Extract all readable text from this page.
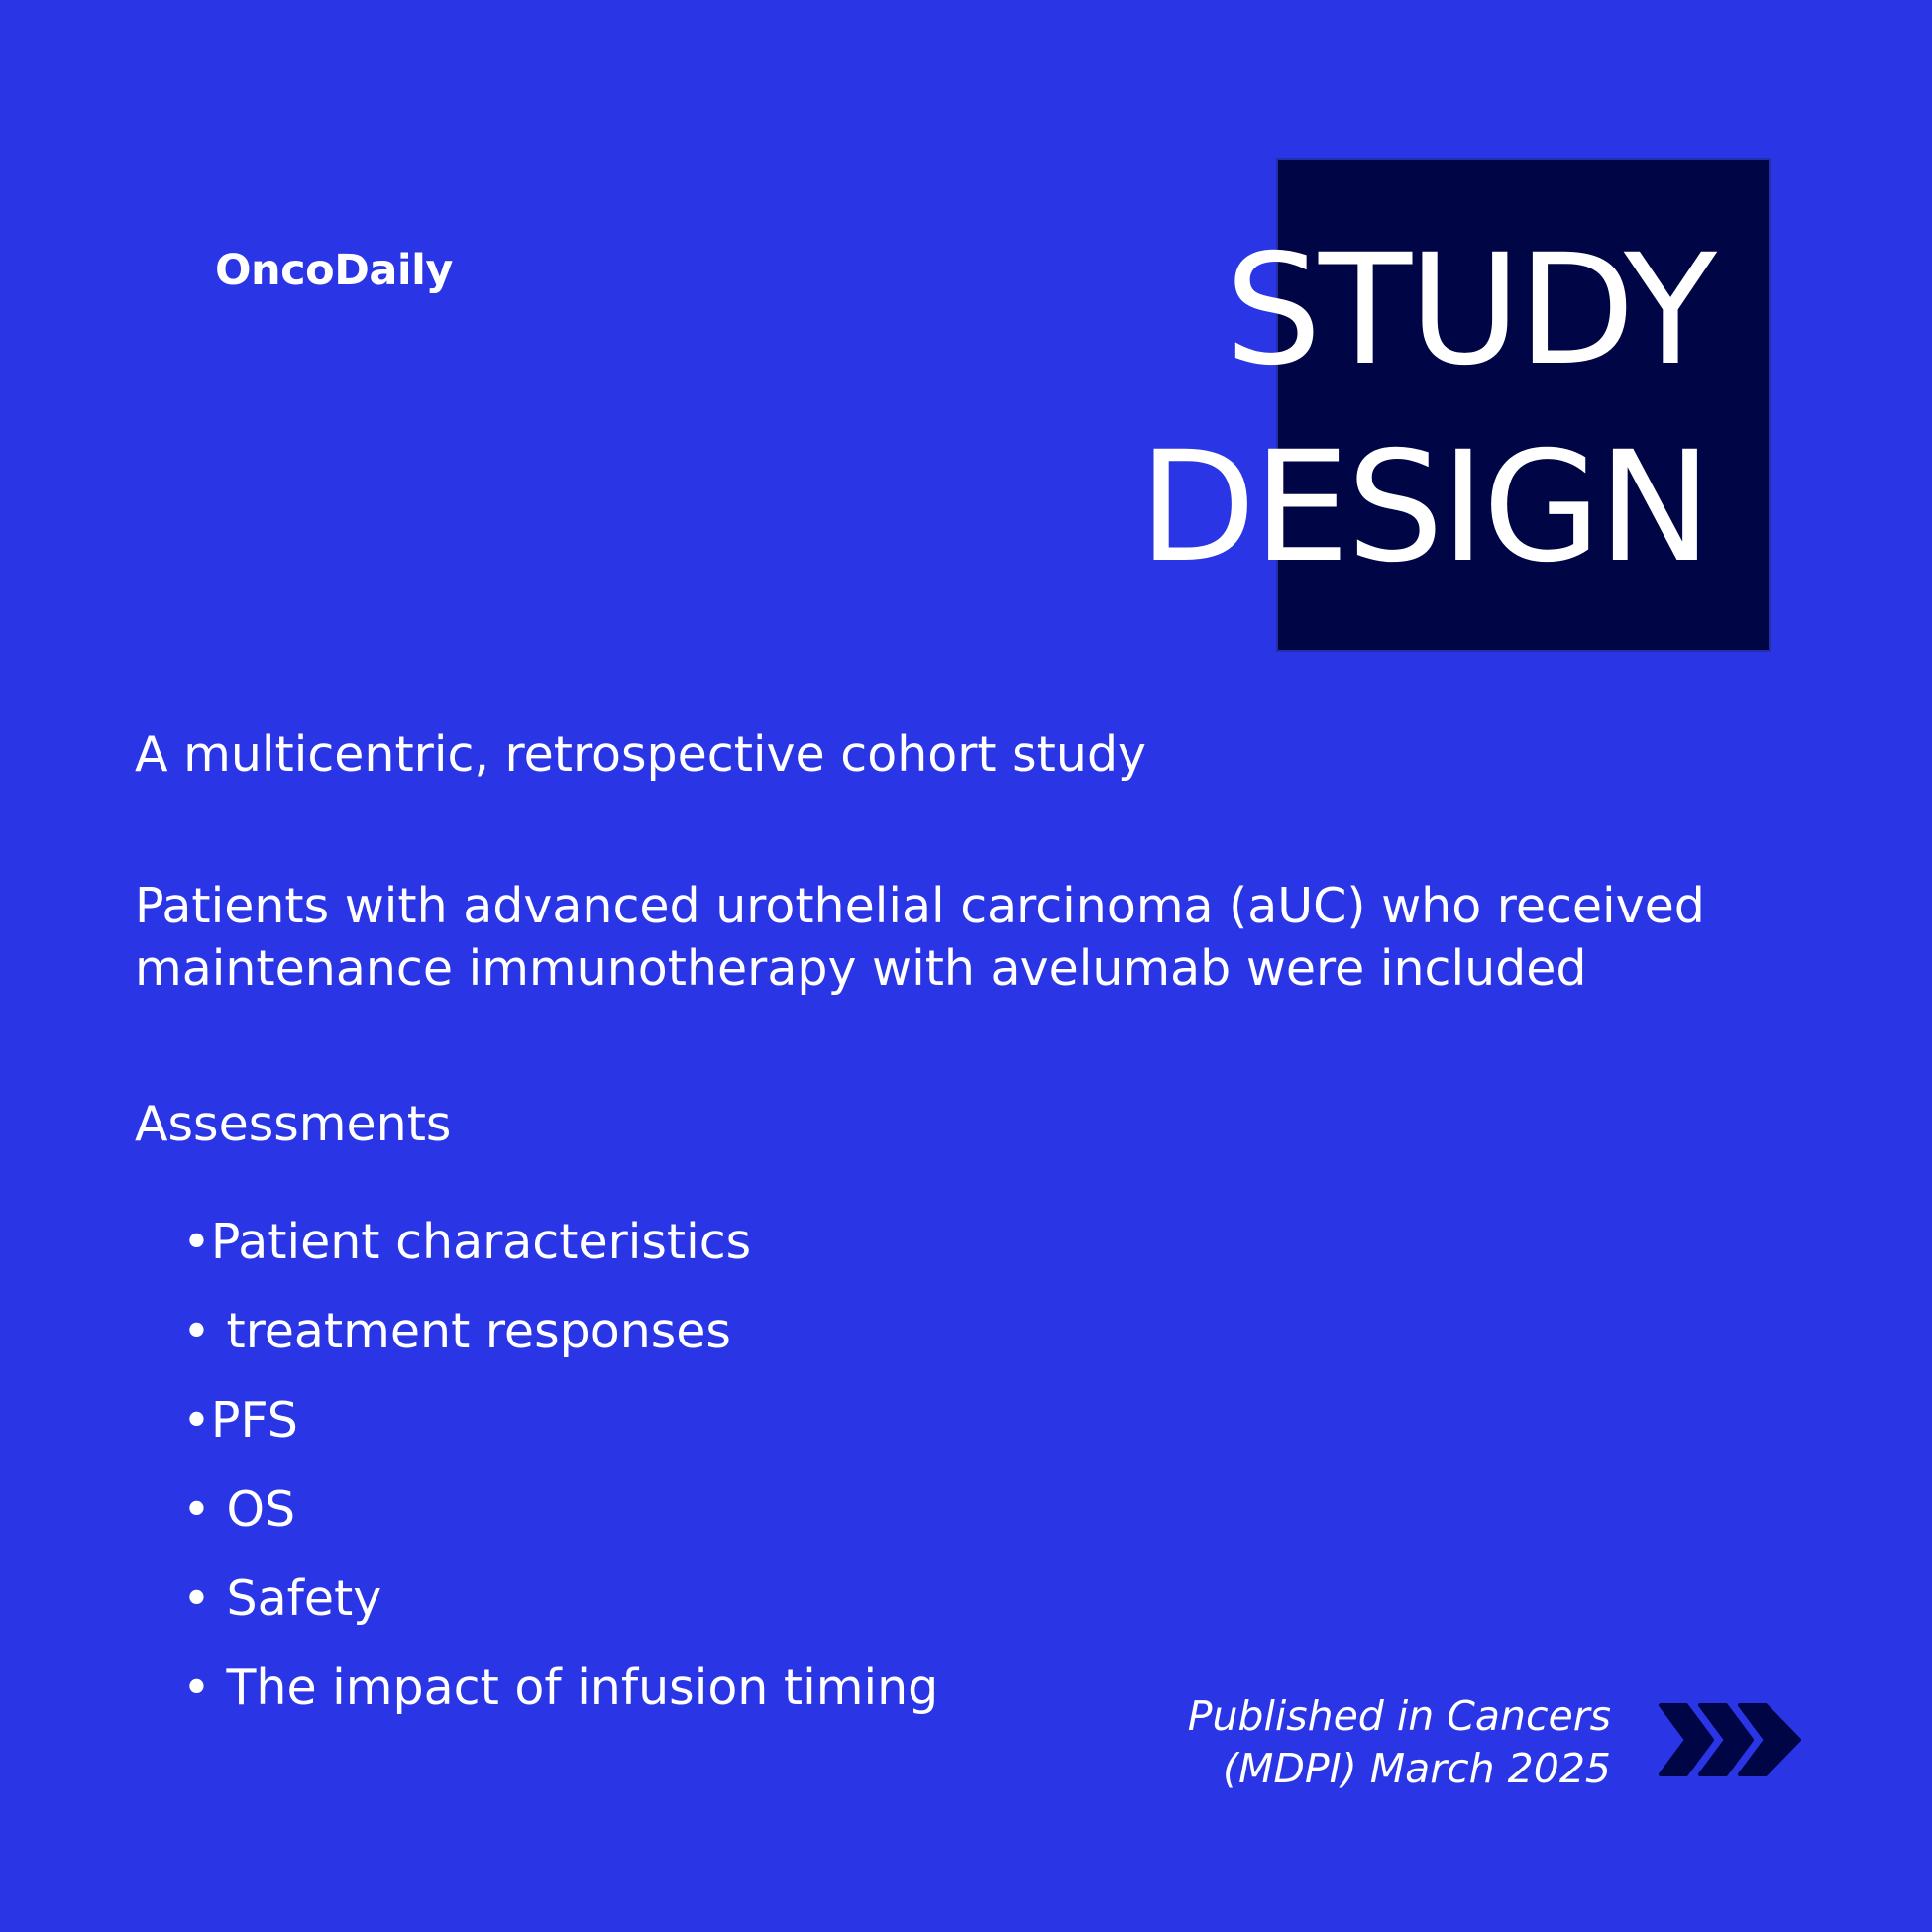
OncoDaily	STUDY
DESIGN
A multicentric, retrospective cohort study
Patients with advanced urothelial carcinoma (aUC) who received
maintenance immunotherapy with avelumab were included
Assessments
•Patient characteristics
• treatment responses
•PFS
• OS
• Safety
• The impact of infusion timing	Published in Cancers
(MDPI) March 2025
